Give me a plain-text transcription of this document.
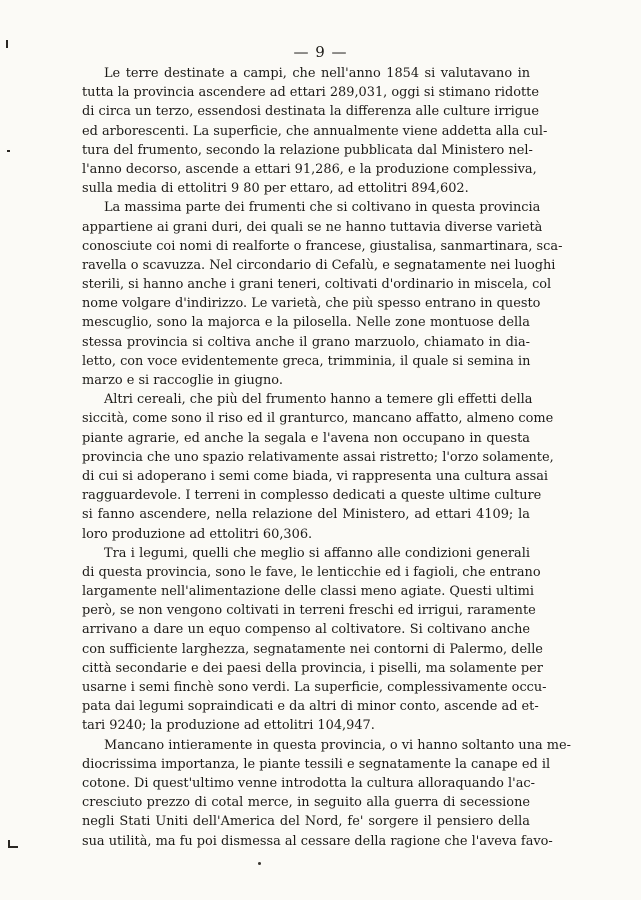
— 9 —
Le terre destinate a campi, che nell'anno 1854 si valutavano in
tutta la provincia ascendere ad ettari 289,031, oggi si stimano ridotte
di circa un terzo, essendosi destinata la differenza alle culture irrigue
ed arborescenti. La superficie, che annualmente viene addetta alla cul-
tura del frumento, secondo la relazione pubblicata dal Ministero nel-
l'anno decorso, ascende a ettari 91,286, e la produzione complessiva,
sulla media di ettolitri 9 80 per ettaro, ad ettolitri 894,602.
La massima parte dei frumenti che si coltivano in questa provincia
appartiene ai grani duri, dei quali se ne hanno tuttavia diverse varietà
conosciute coi nomi di realforte o francese, giustalisa, sanmartinara, sca-
ravella o scavuzza. Nel circondario di Cefalù, e segnatamente nei luoghi
sterili, si hanno anche i grani teneri, coltivati d'ordinario in miscela, col
nome volgare d'indirizzo. Le varietà, che più spesso entrano in questo
mescuglio, sono la majorca e la pilosella. Nelle zone montuose della
stessa provincia si coltiva anche il grano marzuolo, chiamato in dia-
letto, con voce evidentemente greca, trimminia, il quale si semina in
marzo e si raccoglie in giugno.
Altri cereali, che più del frumento hanno a temere gli effetti della
siccità, come sono il riso ed il granturco, mancano affatto, almeno come
piante agrarie, ed anche la segala e l'avena non occupano in questa
provincia che uno spazio relativamente assai ristretto; l'orzo solamente,
di cui si adoperano i semi come biada, vi rappresenta una cultura assai
ragguardevole. I terreni in complesso dedicati a queste ultime culture
si fanno ascendere, nella relazione del Ministero, ad ettari 4109; la
loro produzione ad ettolitri 60,306.
Tra i legumi, quelli che meglio si affanno alle condizioni generali
di questa provincia, sono le fave, le lenticchie ed i fagioli, che entrano
largamente nell'alimentazione delle classi meno agiate. Questi ultimi
però, se non vengono coltivati in terreni freschi ed irrigui, raramente
arrivano a dare un equo compenso al coltivatore. Si coltivano anche
con sufficiente larghezza, segnatamente nei contorni di Palermo, delle
città secondarie e dei paesi della provincia, i piselli, ma solamente per
usarne i semi finchè sono verdi. La superficie, complessivamente occu-
pata dai legumi sopraindicati e da altri di minor conto, ascende ad et-
tari 9240; la produzione ad ettolitri 104,947.
Mancano intieramente in questa provincia, o vi hanno soltanto una me-
diocrissima importanza, le piante tessili e segnatamente la canape ed il
cotone. Di quest'ultimo venne introdotta la cultura alloraquando l'ac-
cresciuto prezzo di cotal merce, in seguito alla guerra di secessione
negli Stati Uniti dell'America del Nord, fe' sorgere il pensiero della
sua utilità, ma fu poi dismessa al cessare della ragione che l'aveva favo-
